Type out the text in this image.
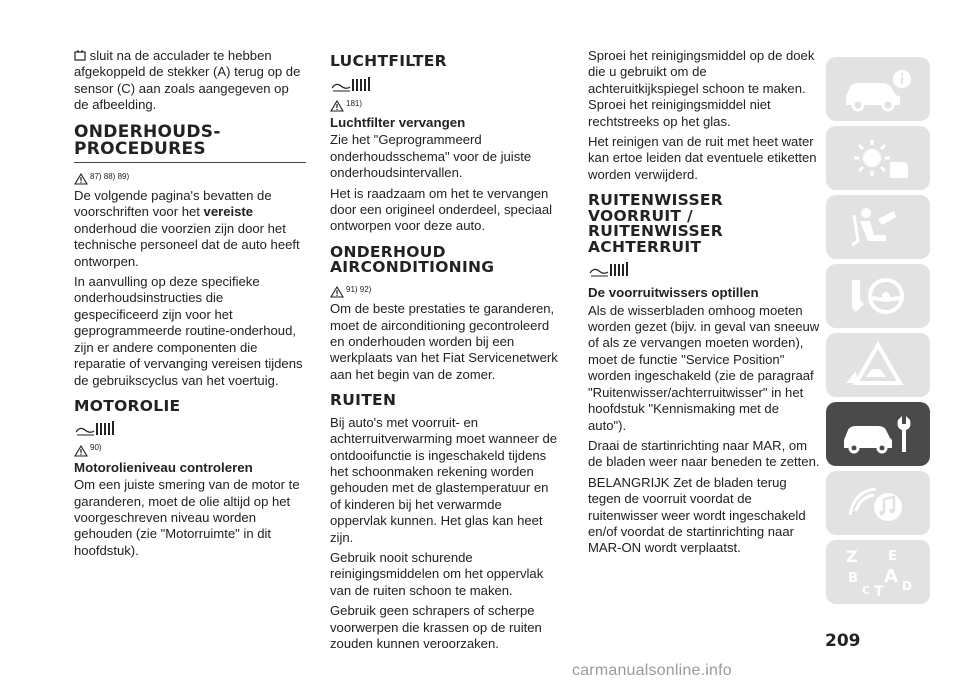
sluit na de acculader te hebben afgekoppeld de stekker (A) terug op de sensor (C) aan zoals aangegeven op de afbeelding.

ONDERHOUDS-PROCEDURES
87) 88) 89)

De volgende pagina's bevatten de voorschriften voor het vereiste onderhoud die voorzien zijn door het technische personeel dat de auto heeft ontworpen.

In aanvulling op deze specifieke onderhoudsinstructies die gespecificeerd zijn voor het geprogrammeerde routine-onderhoud, zijn er andere componenten die reparatie of vervanging vereisen tijdens de gebruikscyclus van het voertuig.

MOTOROLIE
90)
Motorolieniveau controleren

Om een juiste smering van de motor te garanderen, moet de olie altijd op het voorgeschreven niveau worden gehouden (zie "Motorruimte" in dit hoofdstuk).

LUCHTFILTER
181)
Luchtfilter vervangen

Zie het "Geprogrammeerd onderhoudsschema" voor de juiste onderhoudsintervallen.

Het is raadzaam om het te vervangen door een origineel onderdeel, speciaal ontworpen voor deze auto.

ONDERHOUD AIRCONDITIONING
91) 92)

Om de beste prestaties te garanderen, moet de airconditioning gecontroleerd en onderhouden worden bij een werkplaats van het Fiat Servicenetwerk aan het begin van de zomer.

RUITEN

Bij auto's met voorruit- en achterruitverwarming moet wanneer de ontdooifunctie is ingeschakeld tijdens het schoonmaken rekening worden gehouden met de glastemperatuur en of kinderen bij het verwarmde oppervlak kunnen. Het glas kan heet zijn.

Gebruik nooit schurende reinigingsmiddelen om het oppervlak van de ruiten schoon te maken.

Gebruik geen schrapers of scherpe voorwerpen die krassen op de ruiten zouden kunnen veroorzaken.

Sproei het reinigingsmiddel op de doek die u gebruikt om de achteruitkijkspiegel schoon te maken. Sproei het reinigingsmiddel niet rechtstreeks op het glas.

Het reinigen van de ruit met heet water kan ertoe leiden dat eventuele etiketten worden verwijderd.

RUITENWISSER VOORRUIT / RUITENWISSER ACHTERRUIT
De voorruitwissers optillen

Als de wisserbladen omhoog moeten worden gezet (bijv. in geval van sneeuw of als ze vervangen moeten worden), moet de functie "Service Position" worden ingeschakeld (zie de paragraaf "Ruitenwisser/achterruitwisser" in het hoofdstuk "Kennismaking met de auto").

Draai de startinrichting naar MAR, om de bladen weer naar beneden te zetten.

BELANGRIJK Zet de bladen terug tegen de voorruit voordat de ruitenwisser weer wordt ingeschakeld en/of voordat de startinrichting naar MAR-ON wordt verplaatst.	Z E
B A
C T D
209
carmanualsonline.info
